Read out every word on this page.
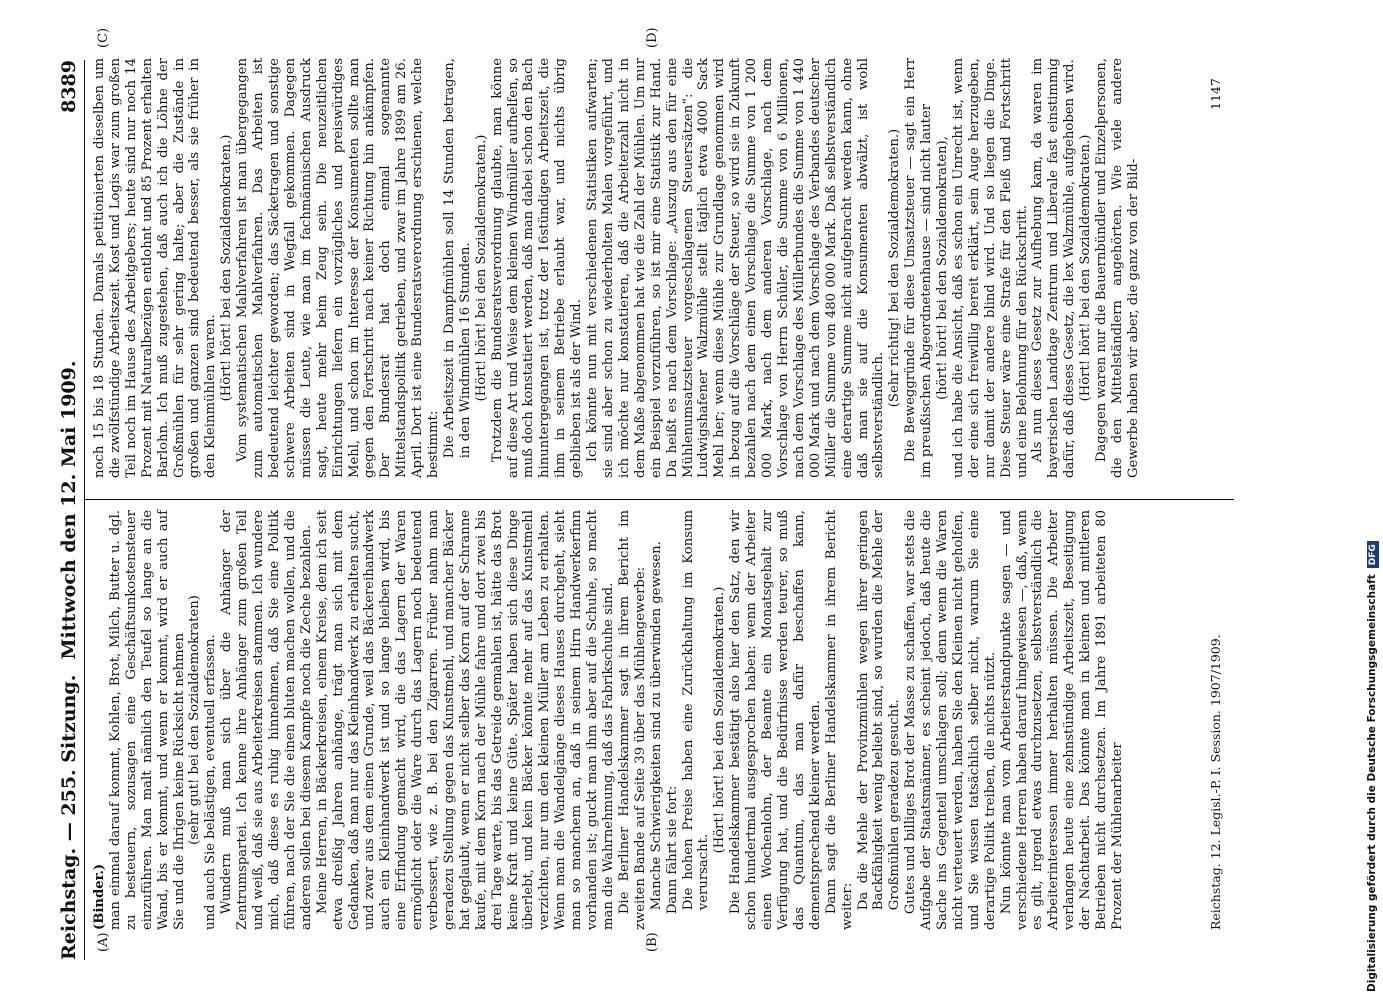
Reichstag. — 255. Sitzung.
Mittwoch den 12. Mai 1909.
8389
(A)	(B)
(C)	(D)

(Binder.) man einmal darauf kommt, Kohlen, Brot, Milch, Butter u. dgl. zu besteuern, sozusagen eine Geschäftsunkostensteuer einzuführen. Man malt nämlich den Teufel so lange an die Wand, bis er kommt, und wenn er kommt, wird er auch auf Sie und die Ihrigen keine Rücksicht nehmen (sehr gut! bei den Sozialdemokraten) und auch Sie belästigen, eventuell erfassen. Wundern muß man sich über die Anhänger der Zentrumspartei. Ich kenne ihre Anhänger zum großen Teil und weiß, daß sie aus Arbeiterkreisen stammen. Ich wundere mich, daß diese es ruhig hinnehmen, daß Sie eine Politik führen, nach der Sie die einen bluten machen wollen, und die anderen sollen bei diesem Kampfe noch die Zeche bezahlen. Meine Herren, in Bäckerkreisen, einem Kreise, dem ich seit etwa dreißig Jahren anhänge, trägt man sich mit dem Gedanken, daß man nur das Kleinhandwerk zu erhalten sucht, und zwar aus dem einen Grunde, weil das Bäckereihandwerk auch ein Kleinhandwerk ist und so lange bleiben wird, bis eine Erfindung gemacht wird, die das Lagern der Waren ermöglicht oder die Ware durch das Lagern noch bedeutend verbessert, wie z. B. bei den Zigarren. Früher nahm man geradezu Stellung gegen das Kunstmehl, und mancher Bäcker hat geglaubt, wenn er nicht selber das Korn auf der Schranne kaufe, mit dem Korn nach der Mühle fahre und dort zwei bis drei Tage warte, bis das Getreide gemahlen ist, hätte das Brot keine Kraft und keine Güte. Später haben sich diese Dinge überlebt, und kein Bäcker könnte mehr auf das Kunstmehl verzichten, nur um den kleinen Müller am Leben zu erhalten. Wenn man die Wandelgänge dieses Hauses durchgeht, sieht man so manchem an, daß in seinem Hirn Handwerkerfinn vorhanden ist; guckt man ihm aber auf die Schuhe, so macht man die Wahrnehmung, daß das Fabrikschuhe sind. Die Berliner Handelskammer sagt in ihrem Bericht im zweiten Bande auf Seite 39 über das Mühlengewerbe: Manche Schwierigkeiten sind zu überwinden gewesen. Dann fährt sie fort: Die hohen Preise haben eine Zurückhaltung im Konsum verursacht.

(Hört! hört! bei den Sozialdemokraten.) Die Handelskammer bestätigt also hier den Satz, den wir schon hundertmal ausgesprochen haben: wenn der Arbeiter einen Wochenlohn, der Beamte ein Monatsgehalt zur Verfügung hat, und die Bedürfnisse werden teurer, so muß das Quantum, das man dafür beschaffen kann, dementsprechend kleiner werden. Dann sagt die Berliner Handelskammer in ihrem Bericht weiter: Da die Mehle der Provinzmühlen wegen ihrer geringen Backfähigkeit wenig beliebt sind, so wurden die Mehle der Großmühlen geradezu gesucht. Gutes und billiges Brot der Masse zu schaffen, war stets die Aufgabe der Staatsmänner, es scheint jedoch, daß heute die Sache ins Gegenteil umschlagen soll; denn wenn die Waren nicht verteuert werden, haben Sie den Kleinen nicht geholfen, und Sie wissen tatsächlich selber nicht, warum Sie eine derartige Politik treiben, die nichts nützt. Nun könnte man vom Arbeiterstandpunkte sagen — und verschiedene Herren haben darauf hingewiesen —, daß, wenn es gilt, irgend etwas durchzusetzen, selbstverständlich die Arbeiterinteressen immer herhalten müssen. Die Arbeiter verlangen heute eine zehnstündige Arbeitszeit, Beseitigung der Nachtarbeit. Das könnte man in kleinen und mittleren Betrieben nicht durchsetzen. Im Jahre 1891 arbeiteten 80 Prozent der Mühlenarbeiter

noch 15 bis 18 Stunden. Damals petitionierten dieselben um die zwölfstündige Arbeitszeit. Kost und Logis war zum großen Teil noch im Hause des Arbeitgebers; heute sind nur noch 14 Prozent mit Naturalbezügen entlohnt und 85 Prozent erhalten Barlohn. Ich muß zugestehen, daß auch ich die Löhne der Großmühlen für sehr gering halte; aber die Zustände in großen und ganzen sind bedeutend besser, als sie früher in den Kleinmühlen waren. (Hört! hört! bei den Sozialdemokraten.) Vom systematischen Mahlverfahren ist man übergegangen zum automatischen Mahlverfahren. Das Arbeiten ist bedeutend leichter geworden; das Säcketragen und sonstige schwere Arbeiten sind in Wegfall gekommen. Dagegen müssen die Leute, wie man im fachmännischen Ausdruck sagt, heute mehr beim Zeug sein. Die neuzeitlichen Einrichtungen liefern ein vorzügliches und preiswürdiges Mehl, und schon im Interesse der Konsumenten sollte man gegen den Fortschritt nach keiner Richtung hin ankämpfen. Der Bundesrat hat doch einmal sogenannte Mittelstandspolitik getrieben, und zwar im Jahre 1899 am 26. April. Dort ist eine Bundesratsverordnung erschienen, welche bestimmt: Die Arbeitszeit in Dampfmühlen soll 14 Stunden betragen, in den Windmühlen 16 Stunden. (Hört! hört! bei den Sozialdemokraten.) Trotzdem die Bundesratsverordnung glaubte, man könne auf diese Art und Weise dem kleinen Windmüller aufhelfen, so muß doch konstatiert werden, daß man dabei schon den Bach hinuntergegangen ist, trotz der 16stündigen Arbeitszeit, die ihm in seinem Betriebe erlaubt war, und nichts übrig geblieben ist als der Wind. Ich könnte nun mit verschiedenen Statistiken aufwarten; sie sind aber schon zu wiederholten Malen vorgeführt, und ich möchte nur konstatieren, daß die Arbeiterzahl nicht in dem Maße abgenommen hat wie die Zahl der Mühlen. Um nur ein Beispiel vorzuführen, so ist mir eine Statistik zur Hand. Da heißt es nach dem Vorschlage: „Auszug aus den für eine Mühlenumsatzsteuer vorgeschlagenen Steuersätzen“: die Ludwigshafener Walzmühle stellt täglich etwa 4000 Sack Mehl her; wenn diese Mühle zur Grundlage genommen wird in bezug auf die Vorschläge der Steuer, so wird sie in Zukunft bezahlen nach dem einen Vorschlage die Summe von 1 200 000 Mark, nach dem anderen Vorschlage, nach dem Vorschlage von Herrn Schüler, die Summe von 6 Millionen, nach dem Vorschlage des Müllerbundes die Summe von 1 440 000 Mark und nach dem Vorschlage des Verbandes deutscher Müller die Summe von 480 000 Mark. Daß selbstverständlich eine derartige Summe nicht aufgebracht werden kann, ohne daß man sie auf die Konsumenten abwälzt, ist wohl selbstverständlich.

(Sehr richtig! bei den Sozialdemokraten.) Die Beweggründe für diese Umsatzsteuer — sagt ein Herr im preußischen Abgeordnetenhause — sind nicht lauter (hört! hört! bei den Sozialdemokraten), und ich habe die Ansicht, daß es schon ein Unrecht ist, wenn der eine sich freiwillig bereit erklärt, sein Auge herzugeben, nur damit der andere blind wird. Und so liegen die Dinge. Diese Steuer wäre eine Strafe für den Fleiß und Fortschritt und eine Belohnung für den Rückschritt. Als nun dieses Gesetz zur Aufhebung kam, da waren im bayerischen Landtage Zentrum und Liberale fast einstimmig dafür, daß dieses Gesetz, die lex Walzmühle, aufgehoben wird. (Hört! hört! bei den Sozialdemokraten.) Dagegen waren nur die Bauernbündler und Einzelpersonen, die den Mittelständlern angehörten. Wie viele andere Gewerbe haben wir aber, die ganz von der Bild-

Reichstag. 12. Legisl.-P. I. Session. 1907/1909.
1147
Digitalisierung gefördert durch die Deutsche ForschungsgemeinschaftDFG
